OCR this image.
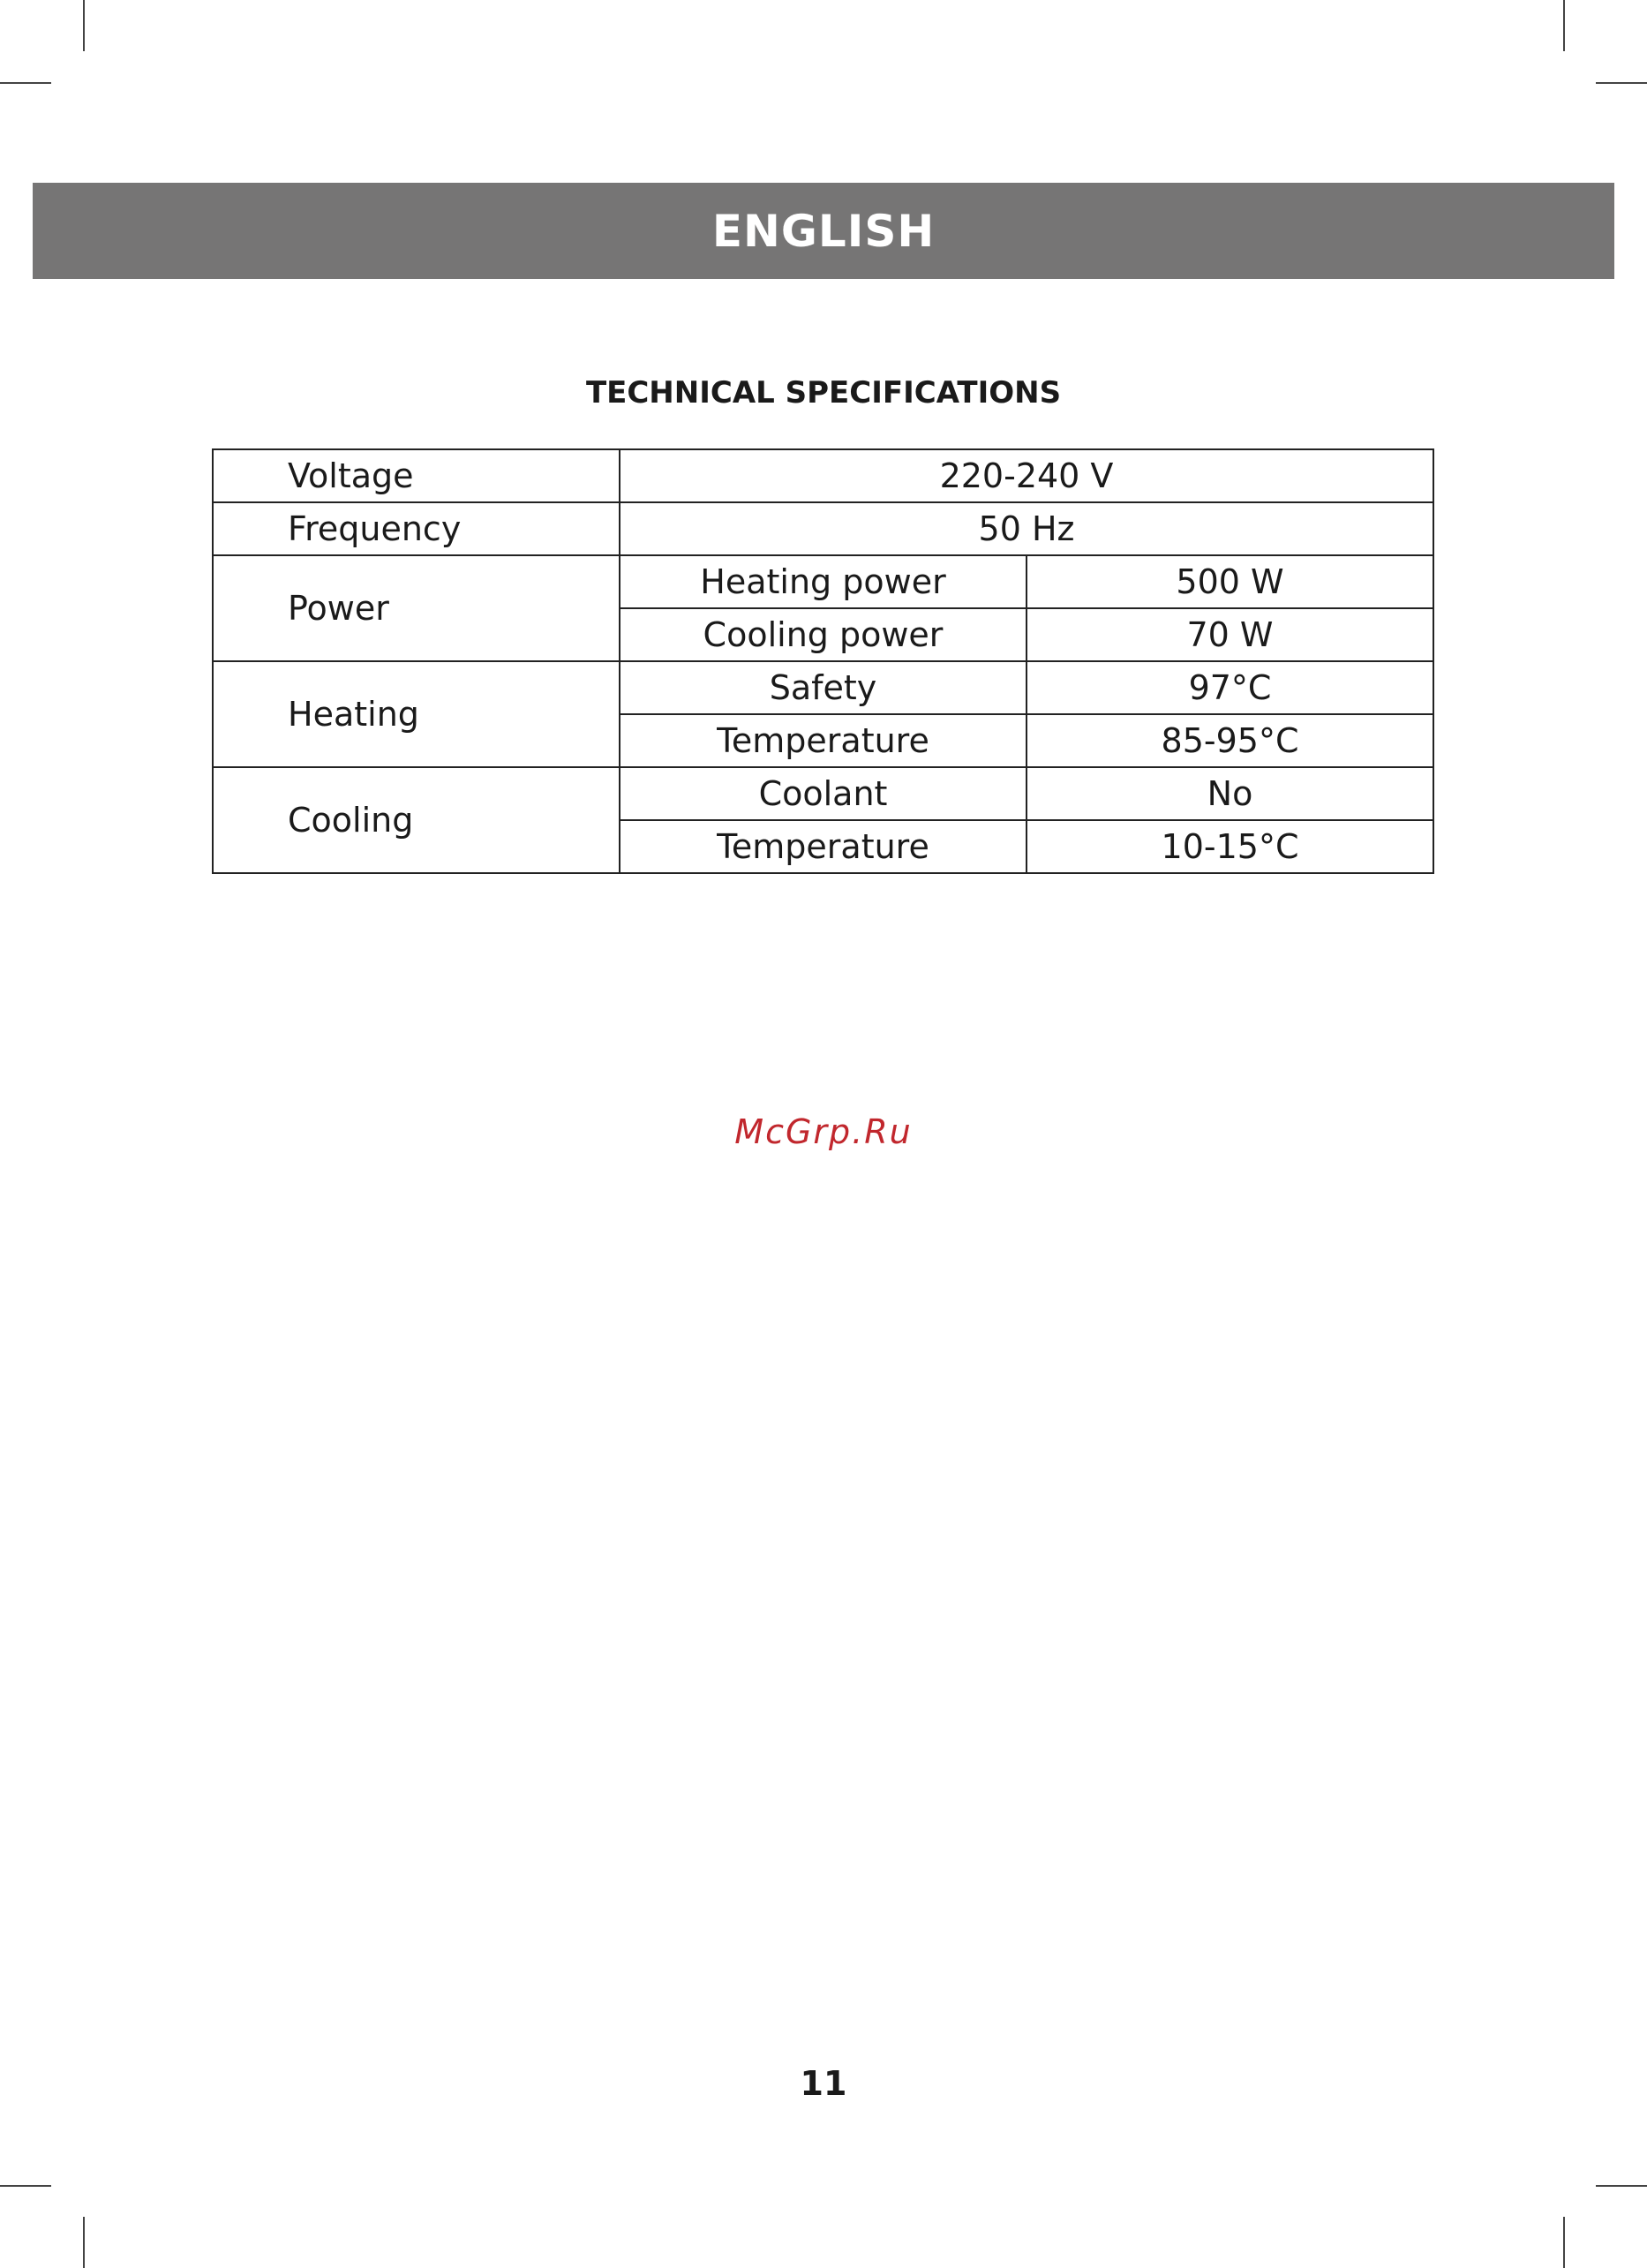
ENGLISH
TECHNICAL SPECIFICATIONS
Voltage	220-240 V	
Frequency	50 Hz	
Power	Heating power	500 W
	Cooling power	70 W
Heating	Safety	97°C
	Temperature	85-95°C
Cooling	Coolant	No
	Temperature	10-15°C
McGrp.Ru
11
